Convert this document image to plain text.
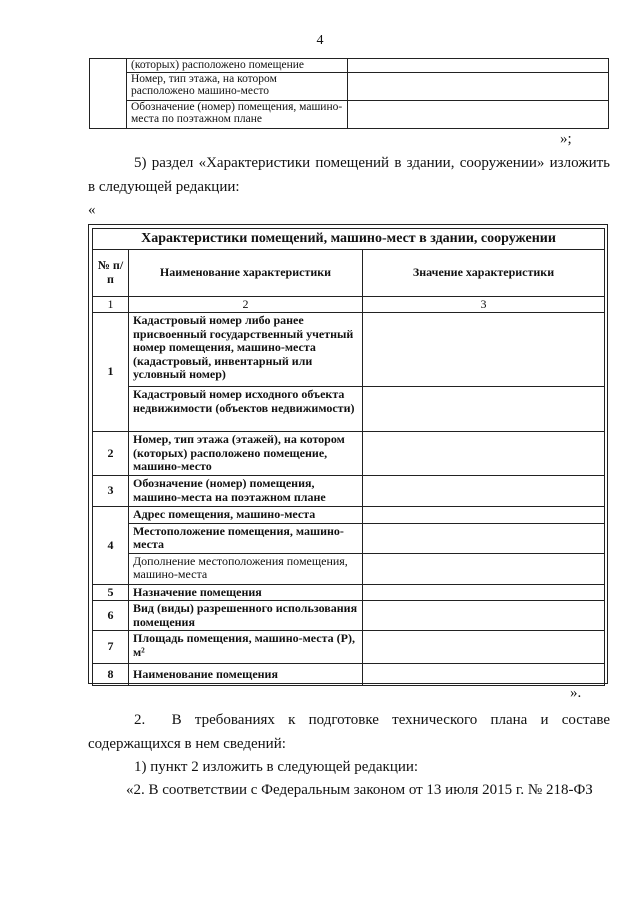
4
	(которых) расположено помещение	
	Номер, тип этажа, на котором расположено машино-место	
	Обозначение (номер) помещения, машино-места по поэтажном плане	
»;
5) раздел «Характеристики помещений в здании, сооружении» изложить
в следующей редакции:
«
Характеристики помещений, машино-мест в здании, сооружении		
№ п/п	Наименование характеристики	Значение характеристики
1	2	3
1	Кадастровый номер либо ранее присвоенный государственный учетный номер помещения, машино-места (кадастровый, инвентарный или условный номер)	
	Кадастровый номер исходного объекта недвижимости (объектов недвижимости)	
2	Номер, тип этажа (этажей), на котором (которых) расположено помещение, машино-место	
3	Обозначение (номер) помещения, машино-места на поэтажном плане	
4	Адрес помещения, машино-места	
	Местоположение помещения, машино-места	
	Дополнение местоположения помещения, машино-места	
5	Назначение помещения	
6	Вид (виды) разрешенного использования помещения	
7	Площадь помещения, машино-места (P), м²	
8	Наименование помещения	
».
2.    В  требованиях  к  подготовке  технического  плана  и  составе
содержащихся в нем сведений:
1) пункт 2 изложить в следующей редакции:
«2. В соответствии с Федеральным законом от 13 июля 2015 г. № 218-ФЗ
